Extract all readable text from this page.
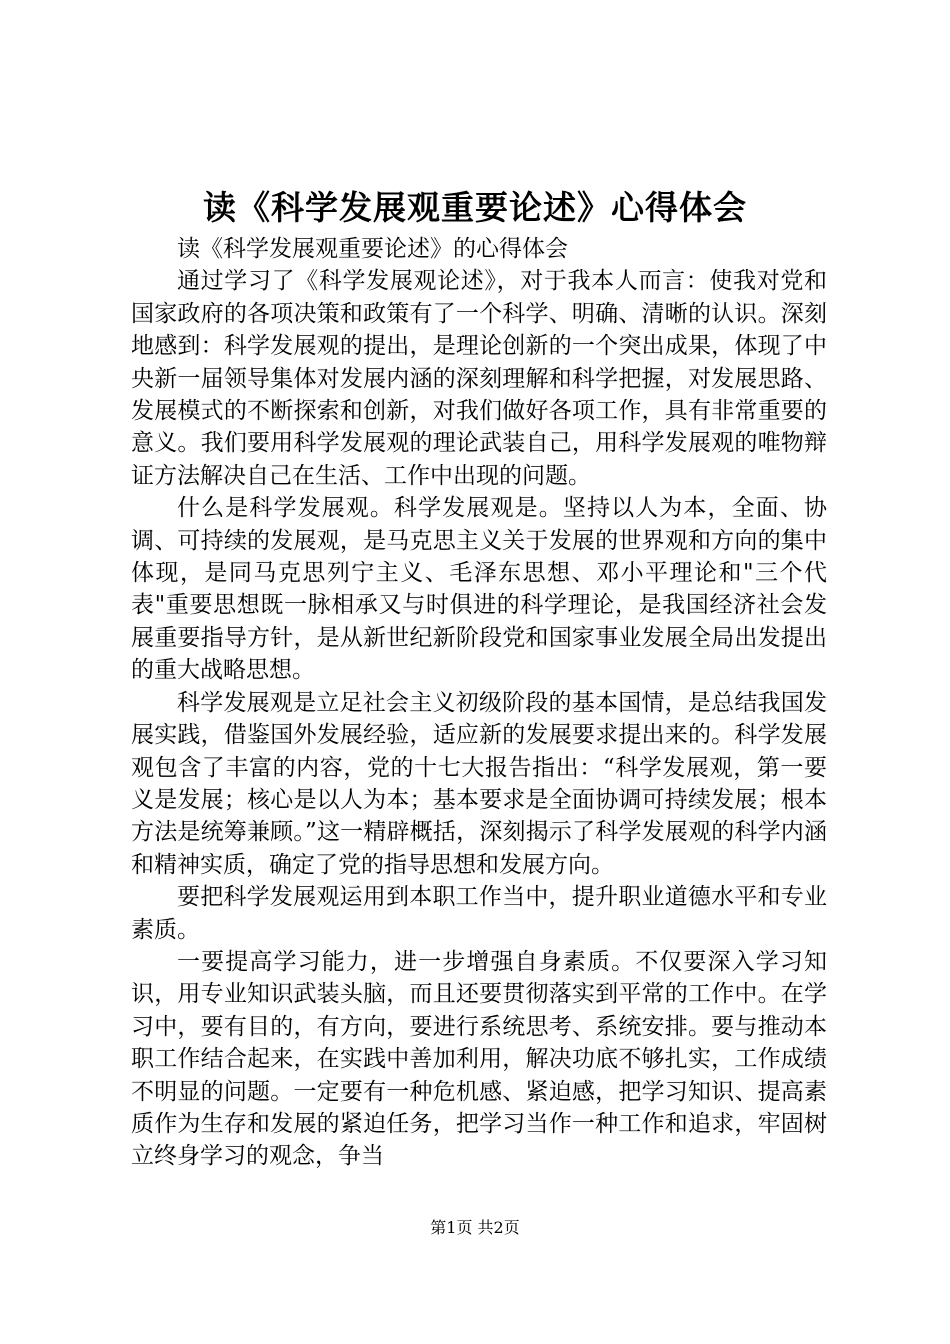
读《科学发展观重要论述》心得体会

读《科学发展观重要论述》的心得体会

通过学习了《科学发展观论述》，对于我本人而言：使我对党和国家政府的各项决策和政策有了一个科学、明确、清晰的认识。深刻地感到：科学发展观的提出，是理论创新的一个突出成果，体现了中央新一届领导集体对发展内涵的深刻理解和科学把握，对发展思路、发展模式的不断探索和创新，对我们做好各项工作，具有非常重要的意义。我们要用科学发展观的理论武装自己，用科学发展观的唯物辩证方法解决自己在生活、工作中出现的问题。

什么是科学发展观。科学发展观是。坚持以人为本，全面、协调、可持续的发展观，是马克思主义关于发展的世界观和方向的集中体现，是同马克思列宁主义、毛泽东思想、邓小平理论和"三个代表"重要思想既一脉相承又与时俱进的科学理论，是我国经济社会发展重要指导方针，是从新世纪新阶段党和国家事业发展全局出发提出的重大战略思想。

科学发展观是立足社会主义初级阶段的基本国情，是总结我国发展实践，借鉴国外发展经验，适应新的发展要求提出来的。科学发展观包含了丰富的内容，党的十七大报告指出：“科学发展观，第一要义是发展；核心是以人为本；基本要求是全面协调可持续发展；根本方法是统筹兼顾。”这一精辟概括，深刻揭示了科学发展观的科学内涵和精神实质，确定了党的指导思想和发展方向。

要把科学发展观运用到本职工作当中，提升职业道德水平和专业素质。

一要提高学习能力，进一步增强自身素质。不仅要深入学习知识，用专业知识武装头脑，而且还要贯彻落实到平常的工作中。在学习中，要有目的，有方向，要进行系统思考、系统安排。要与推动本职工作结合起来，在实践中善加利用，解决功底不够扎实，工作成绩不明显的问题。一定要有一种危机感、紧迫感，把学习知识、提高素质作为生存和发展的紧迫任务，把学习当作一种工作和追求，牢固树立终身学习的观念，争当

第1页 共2页
